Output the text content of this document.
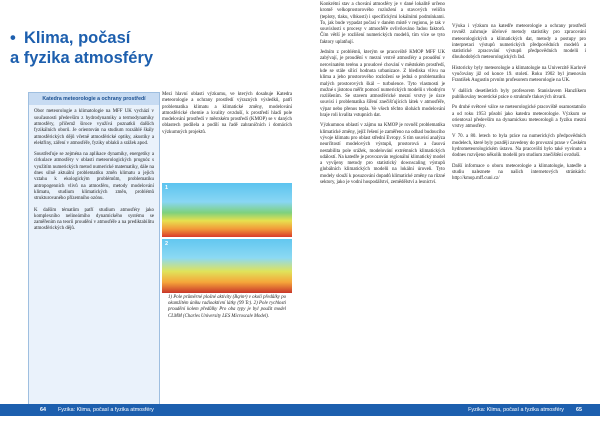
• Klima, počasí
a fyzika atmosféry
Katedra meteorologie a ochrany prostředí

Obor meteorologie a klimatologie na MFF UK vychází v současnosti především z hydrodynamiky a termodynamiky atmosféry, přičemž široce využívá poznatků dalších fyzikálních oborů. Je orientován na studium rozsáhlé škály atmosférických dějů včetně atmosférické optiky, akustiky a elektřiny, záření v atmosféře, fyziky oblaků a srážek apod.

Soustřeďuje se zejména na aplikace dynamiky, energetiky a cirkulace atmosféry v oblasti meteorologických prognóz s využitím numerických metod numerické matematiky, dále na dnes silně aktuální problematiku změn klimatu a jejich vztahu k ekologickým problémům, problematiku antropogenních vlivů na atmosféru, metody modelování klimatu, studium klimatických změn, problémů strukturovaného přízemního ozónu.

K dalším tématům patří studium atmosféry jako komplexního nelineárního dynamického systému se zaměřením na teorii proudění v atmosféře a na prediktabilitu atmosférických dějů.

Mezi hlavní oblasti výzkumu, ve kterých dosahuje Katedra meteorologie a ochrany prostředí výrazných výsledků, patří problematika klimatu a klimatické změny, modelování atmosférické chemie a kvality ovzduší, k prostředí hladí pole modelování prostředí v městském prostředí (KMOP) se v daných oblastech podílela a podílí na řadě zahraničních i domácích výzkumných projektů.

1
2
1) Pole průměrné plošné aktivity (Bq/m²) v okolí předůlky po okamžitém úniku radioaktivní látky (99 Tc). 2) Pole rychlosti proudění kolem předůlky Pro oba typy je byl použit model CLMM (Charles University LES Microscale Model).

Konkrétní stav a chování atmosféry je v dané lokalitě určeno kromě velkoprostorového rozložení a stavových veličin (teploty, tlaku, vlhkosti) i specifickými lokálními podmínkami. To, jak bude vypadat počasí v daném místě v regionu, je tak v souvislosti s procesy v atmosféře ovlivňováno řadou faktorů. Čím větší je rozlišení numerických modelů, tím více se tyto faktory uplatňují.

Jedním z problémů, kterým se pracoviště KMOP MFF UK zabývají, je proudění v mezní vrstvě atmosféry a proudění v nerovinatém terénu a proudové chování v městském prostředí, kde se stále sílící hodnota urbanizace. Z hlediska vlivu na klima a jeho prostorového rozložení se jedná o problematiku malých prostorových škál – turbulence. Tyto vlastnosti je možné s jistotou měřit pomocí numerických modelů s vhodným rozlišením. Se stavem atmosférické mezní vrstvy je úzce souvisí i problematika šíření znečišťujících látek v atmosféře, výpar nebo přenos tepla. Ve všech těchto úlohách modelování hraje roli kvalita vstupních dat.

Výzkumnou oblastí v zájmu na KMOP je rovněž problematika klimatické změny, jejíž řešení je zaměřeno na odhad budoucího vývoje klimatu pro oblast střední Evropy. S tím souvisí analýza neurčitostí modelových výstupů, prostorová a časová nestabilita pole srážek, modelování extrémních klimatických událostí. Na katedře je provozován regionální klimatický model a vyvíjeny metody pro statistický downscaling výstupů globálních klimatických modelů na lokální úroveň. Tyto modely slouží k posuzování dopadů klimatické změny na různé sektory, jako je vodní hospodářství, zemědělství a lesnictví.

Výuka i výzkum na katedře meteorologie a ochrany prostředí rovněž zahrnuje účelové metody statistiky pro zpracování meteorologických a klimatických dat, metody a postupy pro interpretaci výstupů numerických předpovědních modelů a statistické zpracování výstupů předpovědních modelů i dlouhodobých meteorologických řad.

Historicky byly meteorologie a klimatologie na Univerzitě Karlově vyučovány již od konce 19. století. Roku 1902 byl jmenován František Augustin prvním profesorem meteorologie na UK.

V dalších desetiletích byly profesorem Stanislavem Hanzlíkem publikovány teoretické práce o struktuře tlakových útvarů.

Po druhé světové válce se meteorologické pracoviště osamostatnilo a od roku 1953 působí jako katedra meteorologie. Výzkum se orientoval především na dynamickou meteorologii a fyziku mezní vrstvy atmosféry.

V 70. a 80. letech to byla práce na numerických předpovědních modelech, které byly později zavedeny do provozní praxe v Českém hydrometeorologickém ústavu. Na pracovišti bylo také vyvinuto a dodnes rozvíjeno několik modelů pro studium znečištění ovzduší.

Další informace o oboru meteorologie a klimatologie, katedře a studiu naleznete na našich internetových stránkách: http://kmop.mff.cuni.cz/

64	Fyzika: Klima, počasí a fyzika atmosféry	Fyzika: Klima, počasí a fyzika atmosféry	65
